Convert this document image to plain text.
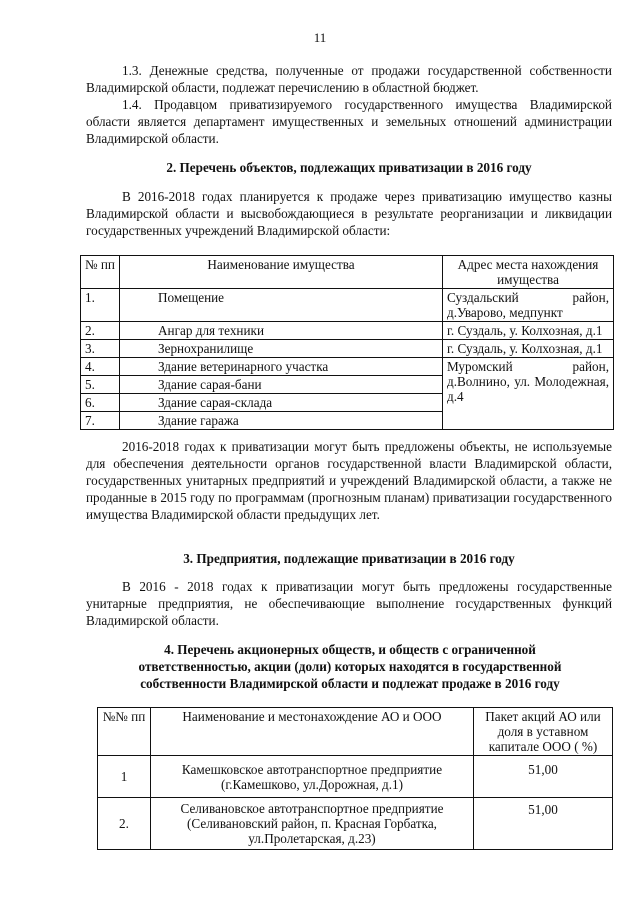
11

1.3. Денежные средства, полученные от продажи государственной собственности Владимирской области, подлежат перечислению в областной бюджет.

1.4. Продавцом приватизируемого государственного имущества Владимирской области является департамент имущественных и земельных отношений администрации Владимирской области.

2. Перечень объектов, подлежащих приватизации в 2016 году

В 2016-2018 годах планируется к продаже через приватизацию имущество казны Владимирской области и высвобождающиеся в результате реорганизации и ликвидации государственных учреждений Владимирской области:

№ пп	Наименование имущества	Адрес места нахождения имущества
1.	Помещение	Суздальский район, д.Уварово, медпункт
2.	Ангар для техники	г. Суздаль, у. Колхозная, д.1
3.	Зернохранилище	г. Суздаль, у. Колхозная, д.1
4.	Здание ветеринарного участка	Муромский район, д.Волнино, ул. Молодежная, д.4
5.	Здание сарая-бани	
6.	Здание сарая-склада	
7.	Здание гаража	

2016-2018 годах к приватизации могут быть предложены объекты, не используемые для обеспечения деятельности органов государственной власти Владимирской области, государственных унитарных предприятий и учреждений Владимирской области, а также не проданные в 2015 году по программам (прогнозным планам) приватизации государственного имущества Владимирской области предыдущих лет.

3. Предприятия, подлежащие приватизации в 2016 году

В 2016 - 2018 годах к приватизации могут быть предложены государственные унитарные предприятия, не обеспечивающие выполнение государственных функций Владимирской области.

4. Перечень акционерных обществ, и обществ с ограниченной ответственностью, акции (доли) которых находятся в государственной собственности Владимирской области и подлежат продаже в 2016 году

№№ пп	Наименование и местонахождение АО и ООО	Пакет акций АО или доля в уставном капитале ООО ( %)
1	Камешковское автотранспортное предприятие (г.Камешково, ул.Дорожная, д.1)	51,00
2.	Селивановское автотранспортное предприятие (Селивановский район, п. Красная Горбатка, ул.Пролетарская, д.23)	51,00
